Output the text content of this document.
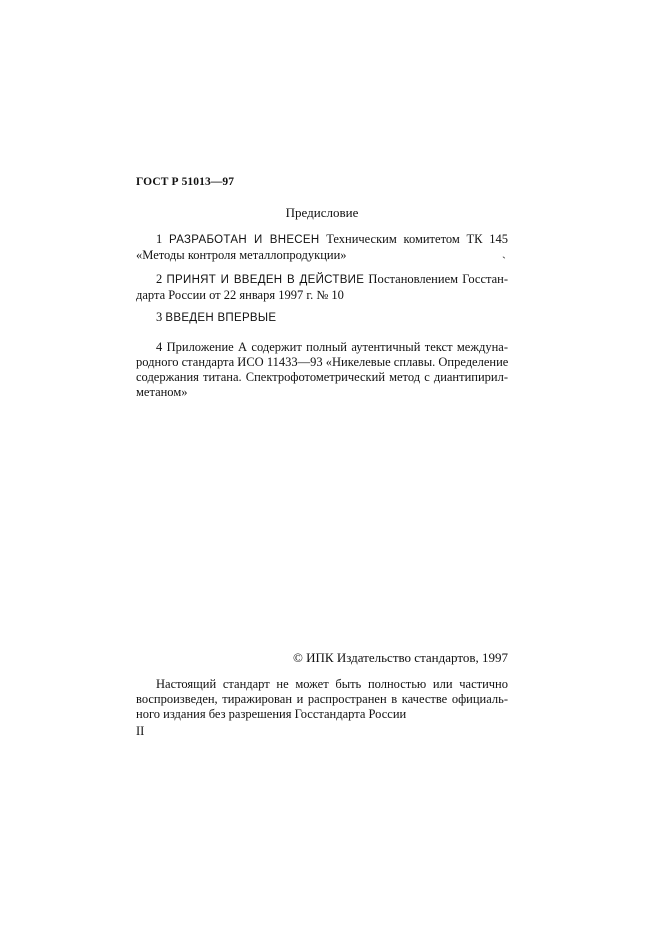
ГОСТ Р 51013—97
Предисловие
1 РАЗРАБОТАН И ВНЕСЕН Техническим комитетом ТК 145
«Методы контроля металлопродукции»	`
2 ПРИНЯТ И ВВЕДЕН В ДЕЙСТВИЕ Постановлением Госстан-
дарта России от 22 января 1997 г. № 10
3 ВВЕДЕН ВПЕРВЫЕ
4 Приложение А содержит полный аутентичный текст междуна-
родного стандарта ИСО 11433—93 «Никелевые сплавы. Определение
содержания титана. Спектрофотометрический метод с диантипирил-
метаном»
© ИПК Издательство стандартов, 1997
Настоящий стандарт не может быть полностью или частично
воспроизведен, тиражирован и распространен в качестве официаль-
ного издания без разрешения Госстандарта России
II
